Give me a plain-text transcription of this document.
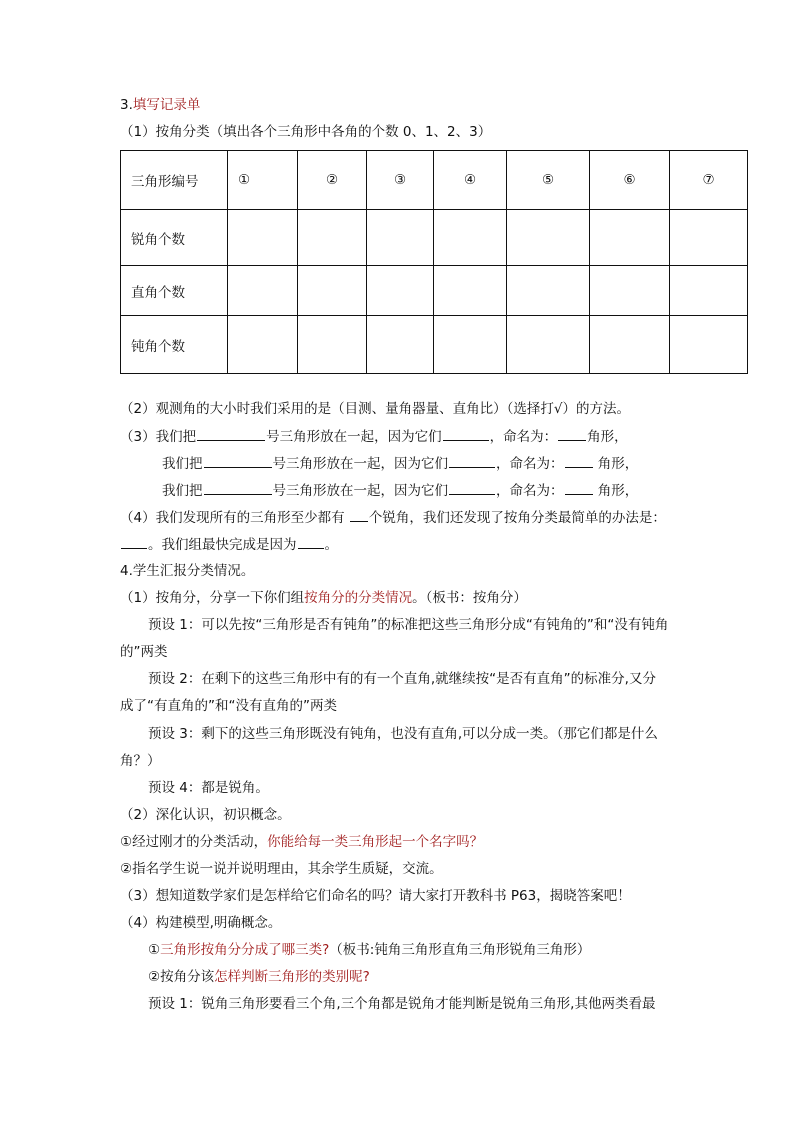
3.填写记录单
（1）按角分类（填出各个三角形中各角的个数 0、1、2、3）
三角形编号	①	②	③	④	⑤	⑥	⑦
锐角个数							
直角个数							
钝角个数							
（2）观测角的大小时我们采用的是（目测、量角器量、直角比）（选择打√）的方法。
（3）我们把	号三角形放在一起，因为它们	，命名为： 角形，
我们把	号三角形放在一起，因为它们	，命名为： 角形，
我们把	号三角形放在一起，因为它们	，命名为： 角形，
（4）我们发现所有的三角形至少都有 个锐角，我们还发现了按角分类最简单的办法是：
。我们组最快完成是因为 。
4.学生汇报分类情况。
（1）按角分，分享一下你们组按角分的分类情况。（板书：按角分）
预设 1：可以先按“三角形是否有钝角”的标准把这些三角形分成“有钝角的”和“没有钝角
的”两类
预设 2：在剩下的这些三角形中有的有一个直角,就继续按“是否有直角”的标准分,又分
成了“有直角的”和“没有直角的”两类
预设 3：剩下的这些三角形既没有钝角，也没有直角,可以分成一类。（那它们都是什么
角？）
预设 4：都是锐角。
（2）深化认识，初识概念。
①经过刚才的分类活动，你能给每一类三角形起一个名字吗？
②指名学生说一说并说明理由，其余学生质疑，交流。
（3）想知道数学家们是怎样给它们命名的吗？请大家打开教科书 P63，揭晓答案吧！
（4）构建模型,明确概念。
①三角形按角分分成了哪三类?（板书:钝角三角形直角三角形锐角三角形）
②按角分该怎样判断三角形的类别呢?
预设 1：锐角三角形要看三个角,三个角都是锐角才能判断是锐角三角形,其他两类看最
